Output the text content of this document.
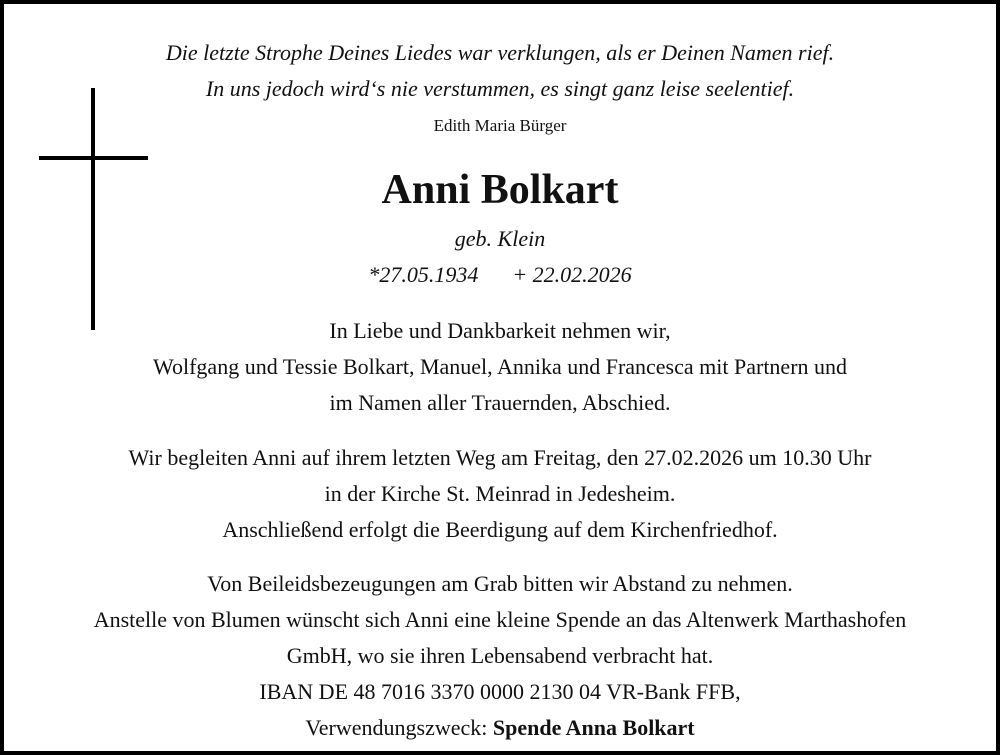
Die letzte Strophe Deines Liedes war verklungen, als er Deinen Namen rief.
In uns jedoch wird‘s nie verstummen, es singt ganz leise seelentief.
Edith Maria Bürger
Anni Bolkart
geb. Klein
*27.05.1934 + 22.02.2026
In Liebe und Dankbarkeit nehmen wir,
Wolfgang und Tessie Bolkart, Manuel, Annika und Francesca mit Partnern und
im Namen aller Trauernden, Abschied.
Wir begleiten Anni auf ihrem letzten Weg am Freitag, den 27.02.2026 um 10.30 Uhr
in der Kirche St. Meinrad in Jedesheim.
Anschließend erfolgt die Beerdigung auf dem Kirchenfriedhof.
Von Beileidsbezeugungen am Grab bitten wir Abstand zu nehmen.
Anstelle von Blumen wünscht sich Anni eine kleine Spende an das Altenwerk Marthashofen
GmbH, wo sie ihren Lebensabend verbracht hat.
IBAN DE 48 7016 3370 0000 2130 04 VR-Bank FFB,
Verwendungszweck: Spende Anna Bolkart
